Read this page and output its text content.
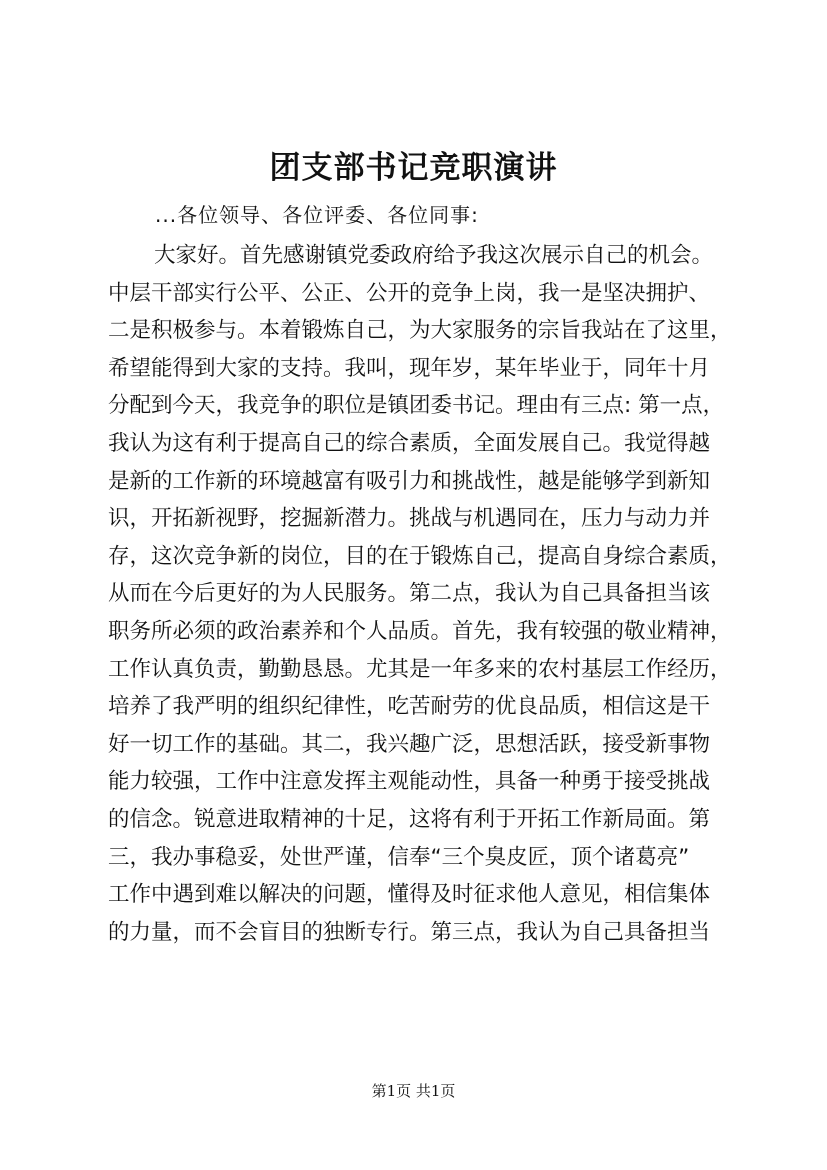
团支部书记竞职演讲
...各位领导、各位评委、各位同事:
大家好。首先感谢镇党委政府给予我这次展示自己的机会。
中层干部实行公平、公正、公开的竞争上岗，我一是坚决拥护、
二是积极参与。本着锻炼自己，为大家服务的宗旨我站在了这里，
希望能得到大家的支持。我叫，现年岁，某年毕业于，同年十月
分配到今天，我竞争的职位是镇团委书记。理由有三点: 第一点，
我认为这有利于提高自己的综合素质，全面发展自己。我觉得越
是新的工作新的环境越富有吸引力和挑战性，越是能够学到新知
识，开拓新视野，挖掘新潜力。挑战与机遇同在，压力与动力并
存，这次竞争新的岗位，目的在于锻炼自己，提高自身综合素质，
从而在今后更好的为人民服务。第二点，我认为自己具备担当该
职务所必须的政治素养和个人品质。首先，我有较强的敬业精神，
工作认真负责，勤勤恳恳。尤其是一年多来的农村基层工作经历，
培养了我严明的组织纪律性，吃苦耐劳的优良品质，相信这是干
好一切工作的基础。其二，我兴趣广泛，思想活跃，接受新事物
能力较强，工作中注意发挥主观能动性，具备一种勇于接受挑战
的信念。锐意进取精神的十足，这将有利于开拓工作新局面。第
三，我办事稳妥，处世严谨，信奉“三个臭皮匠，顶个诸葛亮”
工作中遇到难以解决的问题，懂得及时征求他人意见，相信集体
的力量，而不会盲目的独断专行。第三点，我认为自己具备担当
第1页 共1页
